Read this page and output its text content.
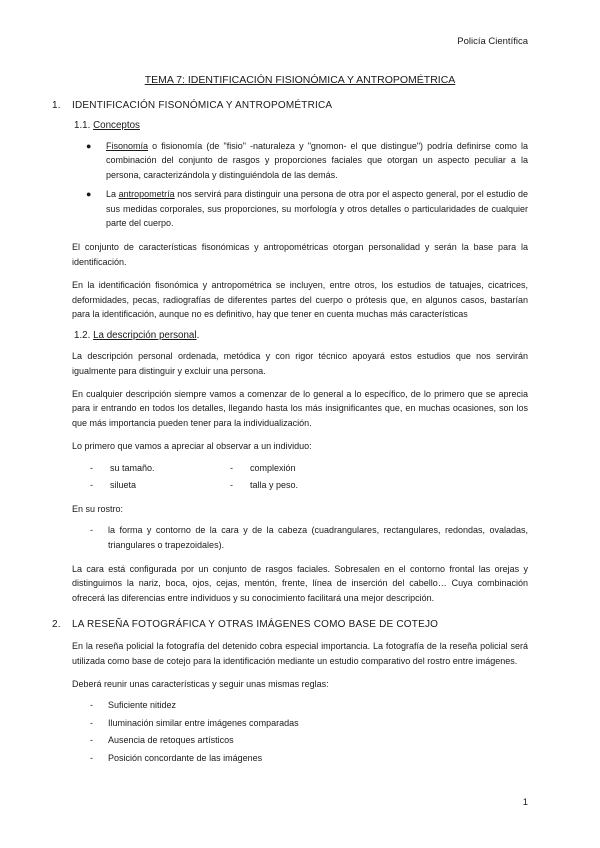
Policía Científica
TEMA 7: IDENTIFICACIÓN FISIONÓMICA Y ANTROPOMÉTRICA
1. IDENTIFICACIÓN FISONÓMICA Y ANTROPOMÉTRICA
1.1. Conceptos
● Fisonomía o fisionomía (de "fisio" -naturaleza y "gnomon- el que distingue") podría definirse como la combinación del conjunto de rasgos y proporciones faciales que otorgan un aspecto peculiar a la persona, caracterizándola y distinguiéndola de las demás.
● La antropometría nos servirá para distinguir una persona de otra por el aspecto general, por el estudio de sus medidas corporales, sus proporciones, su morfología y otros detalles o particularidades de cualquier parte del cuerpo.

El conjunto de características fisonómicas y antropométricas otorgan personalidad y serán la base para la identificación.

En la identificación fisonómica y antropométrica se incluyen, entre otros, los estudios de tatuajes, cicatrices, deformidades, pecas, radiografías de diferentes partes del cuerpo o prótesis que, en algunos casos, bastarían para la identificación, aunque no es definitivo, hay que tener en cuenta muchas más características

1.2. La descripción personal.

La descripción personal ordenada, metódica y con rigor técnico apoyará estos estudios que nos servirán igualmente para distinguir y excluir una persona.

En cualquier descripción siempre vamos a comenzar de lo general a lo específico, de lo primero que se aprecia para ir entrando en todos los detalles, llegando hasta los más insignificantes que, en muchas ocasiones, son los que más importancia pueden tener para la individualización.

Lo primero que vamos a apreciar al observar a un individuo:

- su tamaño.	- complexión
- silueta	- talla y peso.

En su rostro:

- la forma y contorno de la cara y de la cabeza (cuadrangulares, rectangulares, redondas, ovaladas, triangulares o trapezoidales).

La cara está configurada por un conjunto de rasgos faciales. Sobresalen en el contorno frontal las orejas y distinguimos la nariz, boca, ojos, cejas, mentón, frente, línea de inserción del cabello… Cuya combinación ofrecerá las diferencias entre individuos y su conocimiento facilitará una mejor descripción.

2. LA RESEÑA FOTOGRÁFICA Y OTRAS IMÁGENES COMO BASE DE COTEJO

En la reseña policial la fotografía del detenido cobra especial importancia. La fotografía de la reseña policial será utilizada como base de cotejo para la identificación mediante un estudio comparativo del rostro entre imágenes.

Deberá reunir unas características y seguir unas mismas reglas:

- Suficiente nitidez
- Iluminación similar entre imágenes comparadas
- Ausencia de retoques artísticos
- Posición concordante de las imágenes
1
